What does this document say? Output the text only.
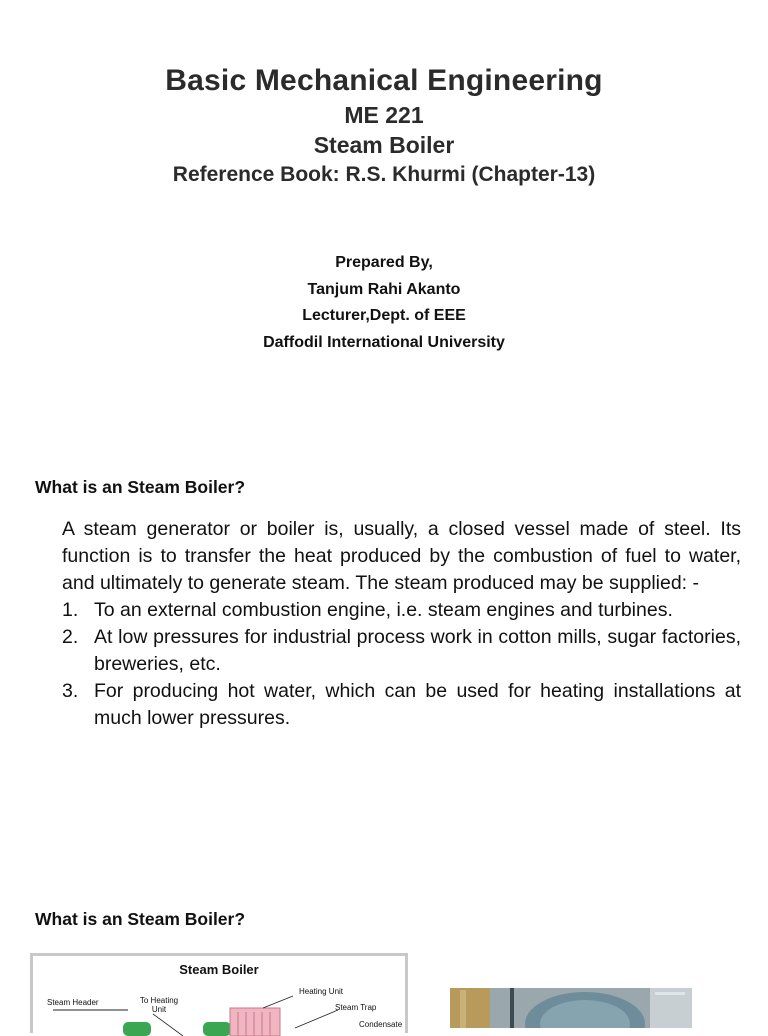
Basic Mechanical Engineering
ME 221
Steam Boiler
Reference Book: R.S. Khurmi (Chapter-13)
Prepared By,
Tanjum Rahi Akanto
Lecturer,Dept. of EEE
Daffodil International University
What is an Steam Boiler?

A steam generator or boiler is, usually, a closed vessel made of steel. Its function is to transfer the heat produced by the combustion of fuel to water, and ultimately to generate steam. The steam produced may be supplied: -

1. To an external combustion engine, i.e. steam engines and turbines.
2. At low pressures for industrial process work in cotton mills, sugar factories, breweries, etc.
3. For producing hot water, which can be used for heating installations at much lower pressures.
What is an Steam Boiler?
Steam Boiler
Steam Header	To Heating Unit
Heating Unit
Steam Trap
Condensate
